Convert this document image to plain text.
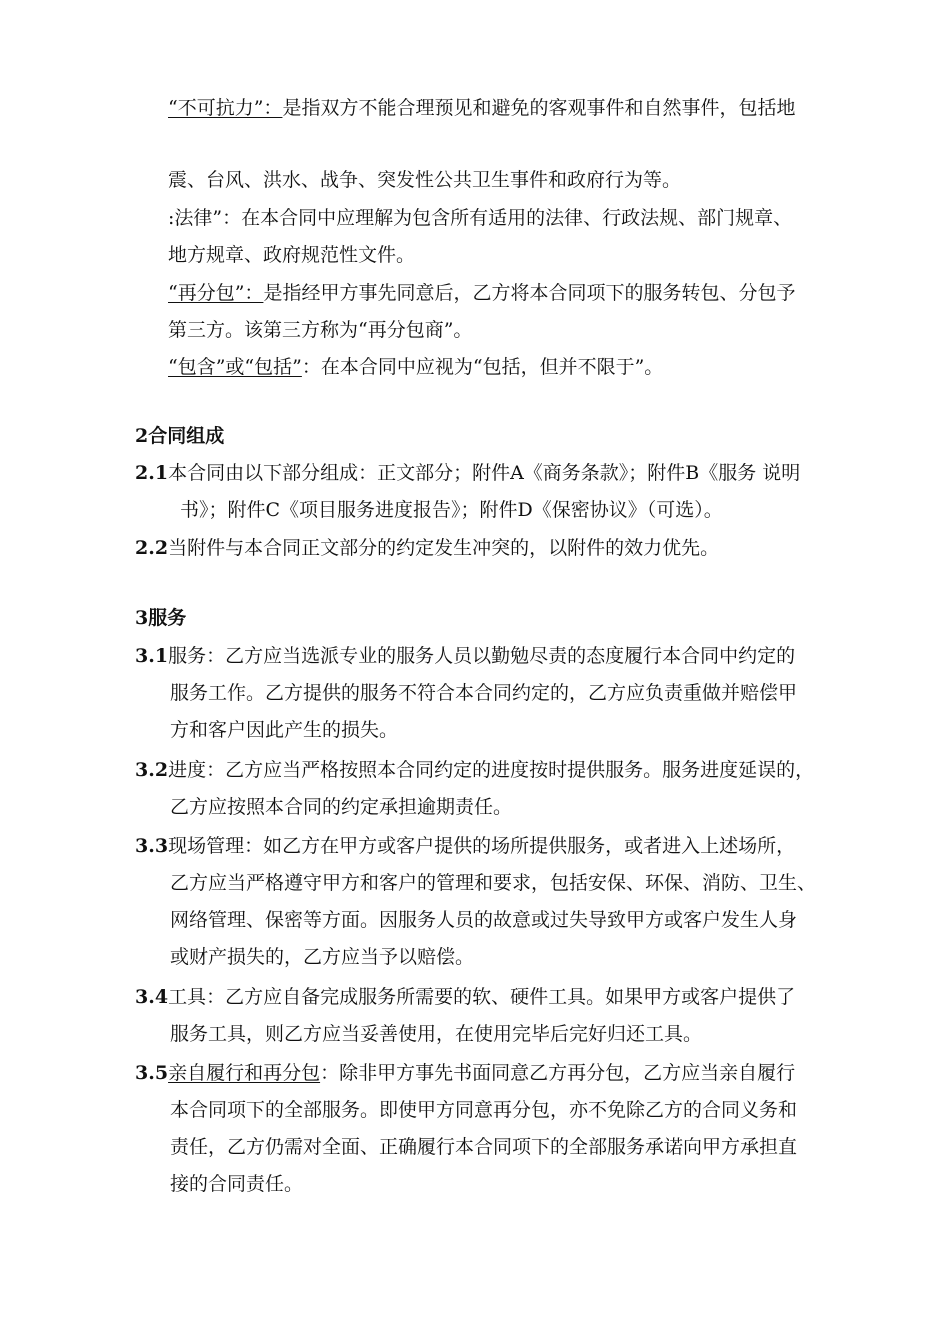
“不可抗力”：是指双方不能合理预见和避免的客观事件和自然事件，包括地
震、台风、洪水、战争、突发性公共卫生事件和政府行为等。
:法律”：在本合同中应理解为包含所有适用的法律、行政法规、部门规章、
地方规章、政府规范性文件。
“再分包”：是指经甲方事先同意后，乙方将本合同项下的服务转包、分包予
第三方。该第三方称为“再分包商”。
“包含”或“包括”：在本合同中应视为“包括，但并不限于”。
2合同组成
2.1本合同由以下部分组成：正文部分；附件A《商务条款》；附件B《服务 说明
书》；附件C《项目服务进度报告》；附件D《保密协议》（可选）。
2.2当附件与本合同正文部分的约定发生冲突的，以附件的效力优先。
3服务
3.1服务：乙方应当选派专业的服务人员以勤勉尽责的态度履行本合同中约定的
服务工作。乙方提供的服务不符合本合同约定的，乙方应负责重做并赔偿甲
方和客户因此产生的损失。
3.2进度：乙方应当严格按照本合同约定的进度按时提供服务。服务进度延误的，
乙方应按照本合同的约定承担逾期责任。
3.3现场管理：如乙方在甲方或客户提供的场所提供服务，或者进入上述场所，
乙方应当严格遵守甲方和客户的管理和要求，包括安保、环保、消防、卫生、
网络管理、保密等方面。因服务人员的故意或过失导致甲方或客户发生人身
或财产损失的，乙方应当予以赔偿。
3.4工具：乙方应自备完成服务所需要的软、硬件工具。如果甲方或客户提供了
服务工具，则乙方应当妥善使用，在使用完毕后完好归还工具。
3.5亲自履行和再分包：除非甲方事先书面同意乙方再分包，乙方应当亲自履行
本合同项下的全部服务。即使甲方同意再分包，亦不免除乙方的合同义务和
责任，乙方仍需对全面、正确履行本合同项下的全部服务承诺向甲方承担直
接的合同责任。
